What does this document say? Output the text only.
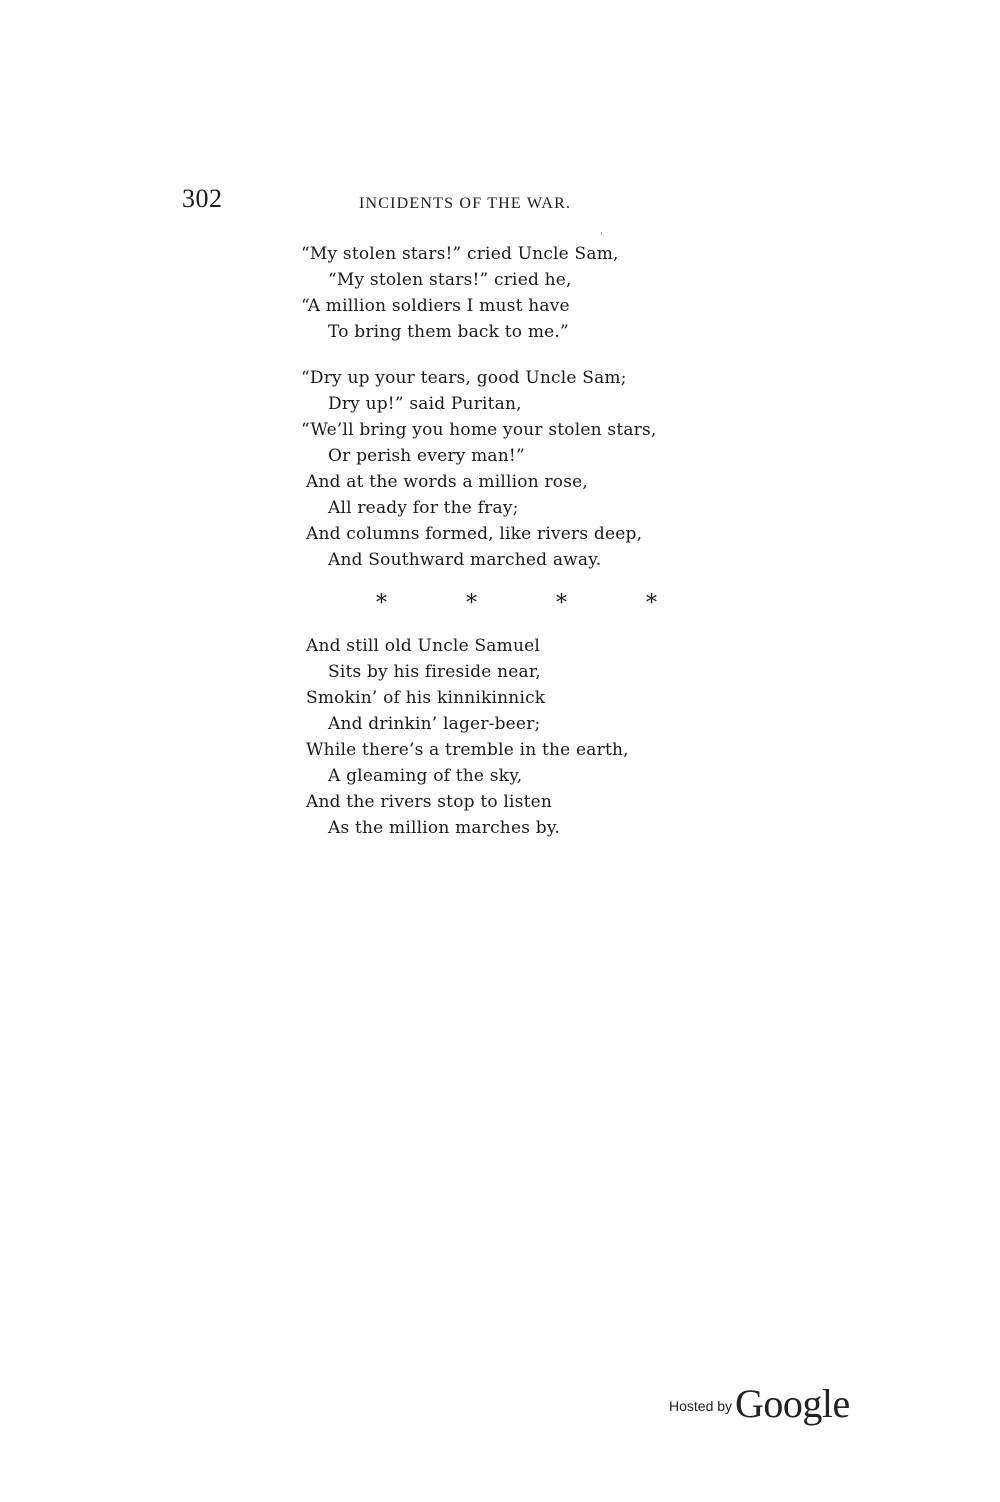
302	INCIDENTS OF THE WAR.
“My stolen stars!” cried Uncle Sam,
“My stolen stars!” cried he,
“A million soldiers I must have
To bring them back to me.”
“Dry up your tears, good Uncle Sam;
Dry up!” said Puritan,
“We’ll bring you home your stolen stars,
Or perish every man!”
And at the words a million rose,
All ready for the fray;
And columns formed, like rivers deep,
And Southward marched away.
*	*	*	*
And still old Uncle Samuel
Sits by his fireside near,
Smokin’ of his kinnikinnick
And drinkin’ lager-beer;
While there’s a tremble in the earth,
A gleaming of the sky,
And the rivers stop to listen
As the million marches by.
Hosted by Google
